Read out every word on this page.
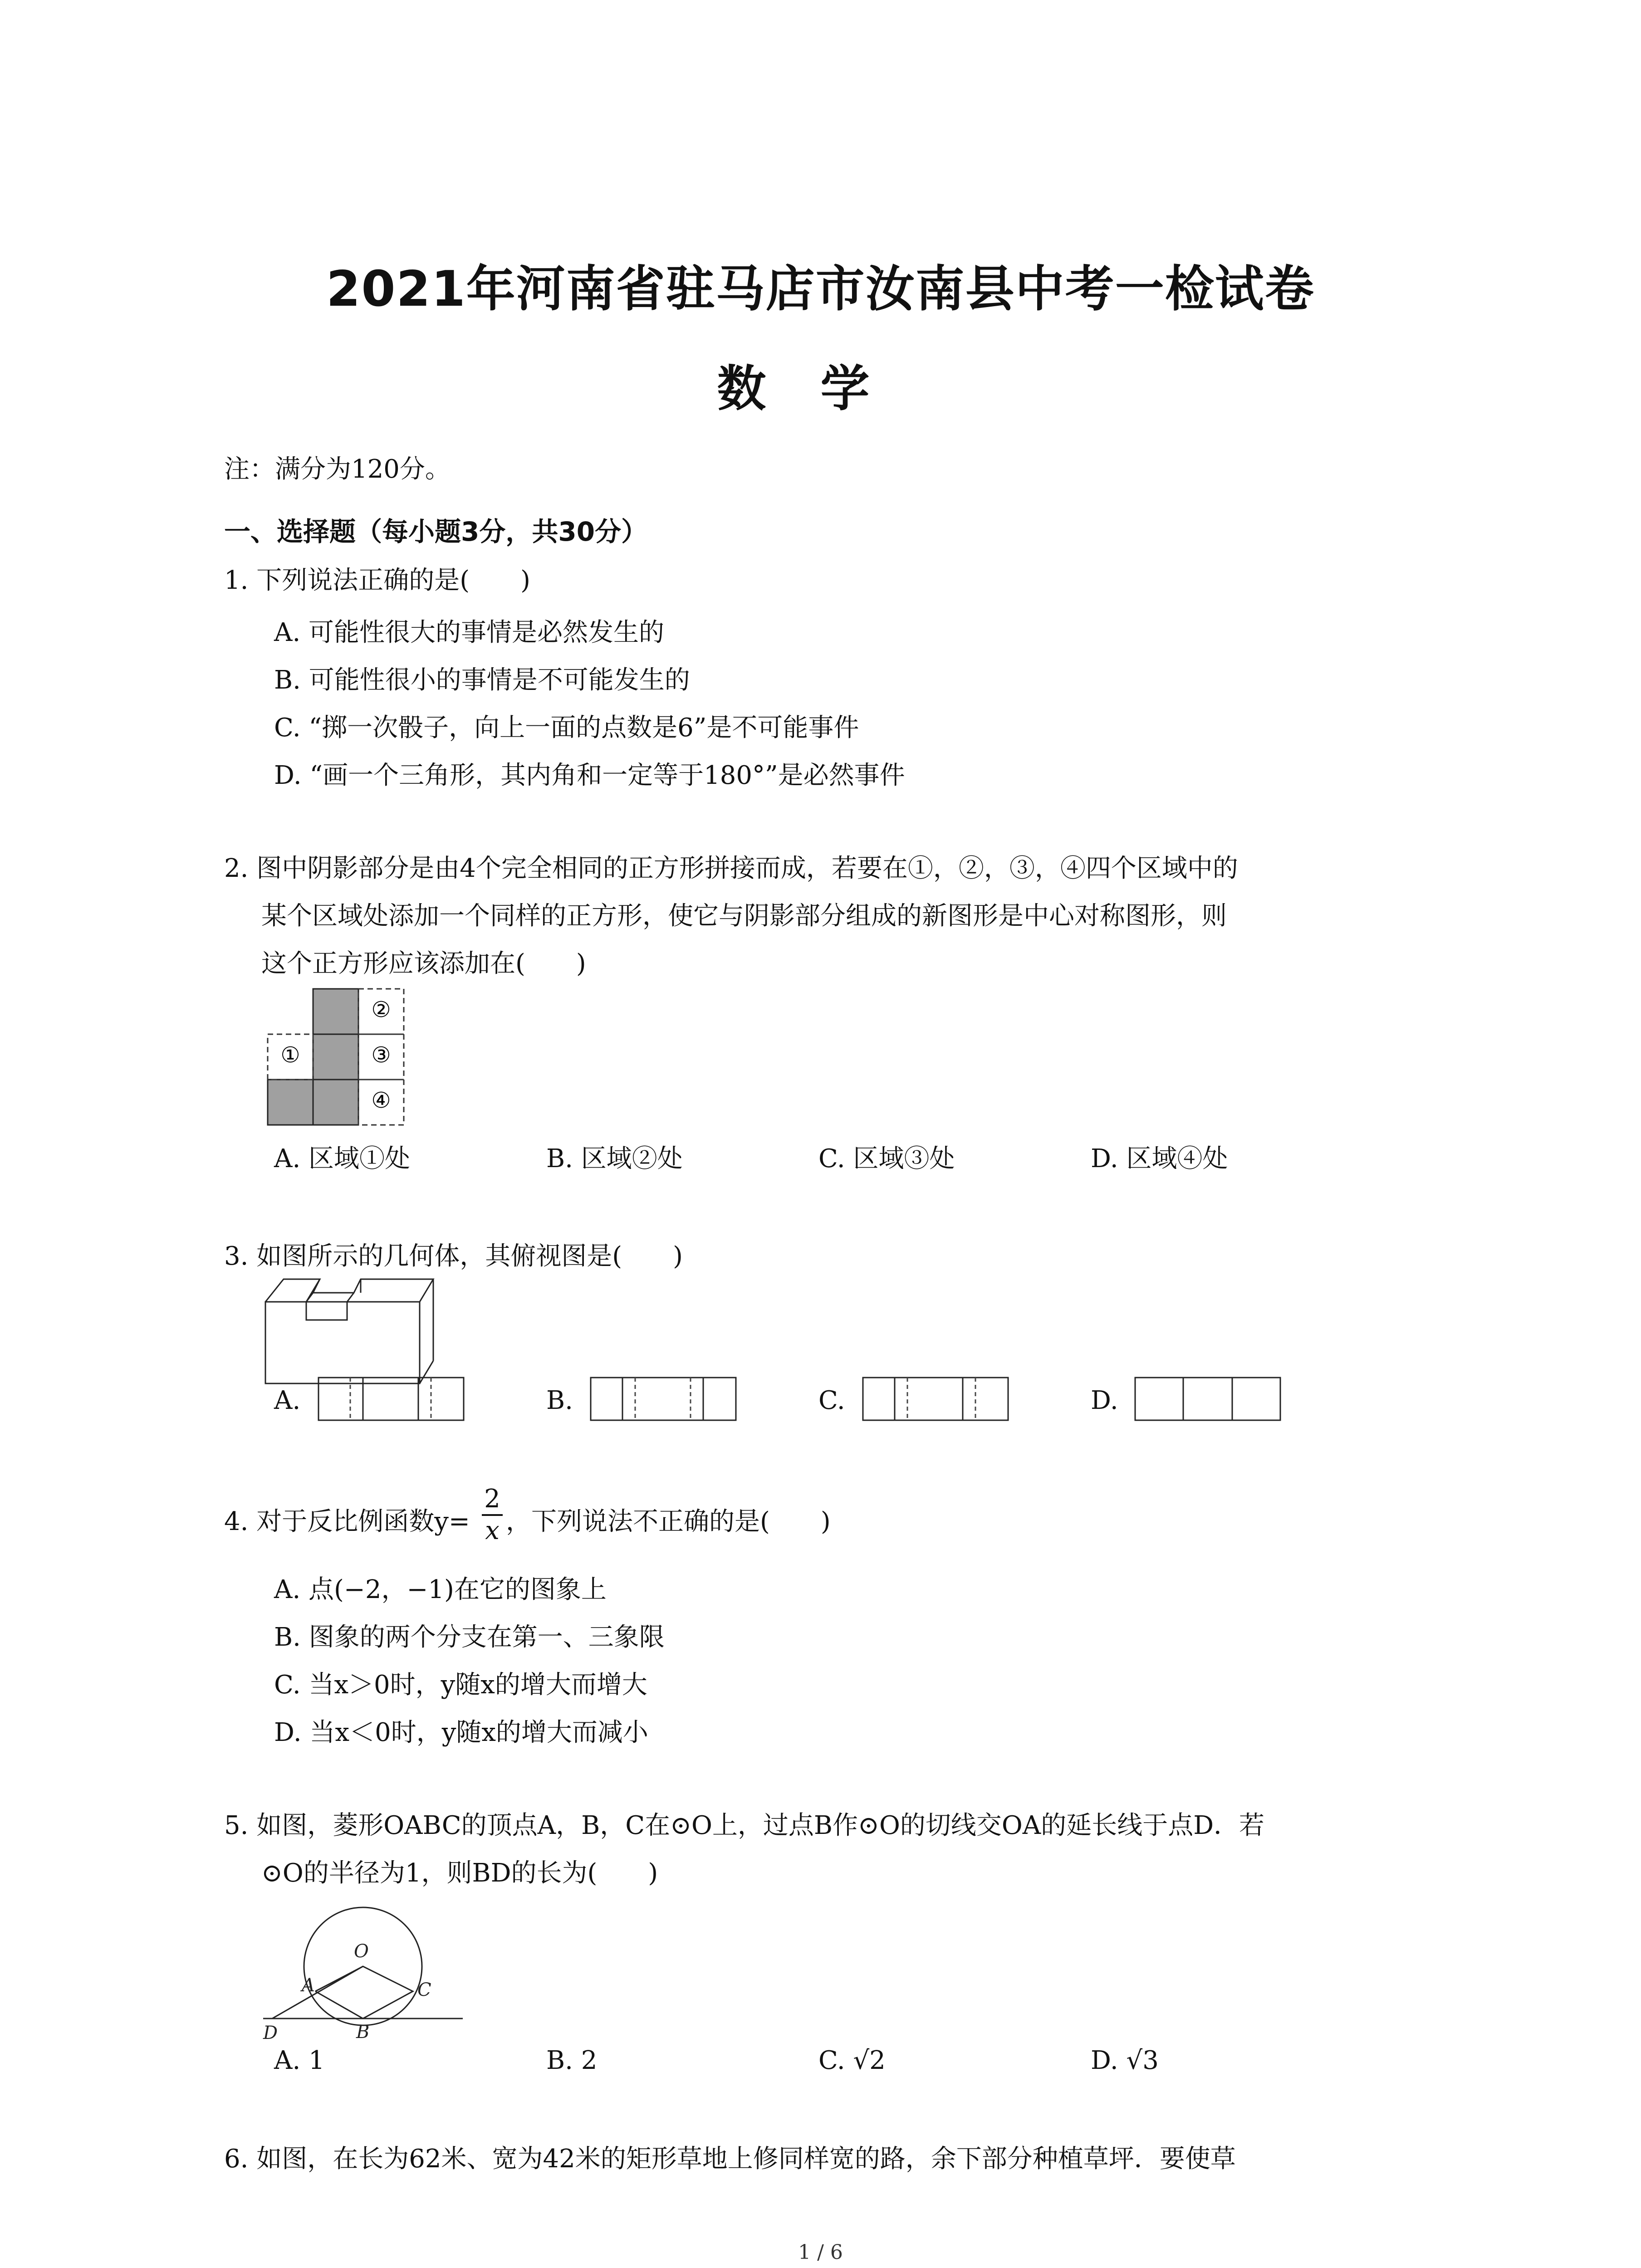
2021年河南省驻马店市汝南县中考一检试卷
数学
注：满分为120分。
一、选择题（每小题3分，共30分）
1. 下列说法正确的是(　　)
A. 可能性很大的事情是必然发生的
B. 可能性很小的事情是不可能发生的
C. “掷一次骰子，向上一面的点数是6”是不可能事件
D. “画一个三角形，其内角和一定等于180°”是必然事件
2. 图中阴影部分是由4个完全相同的正方形拼接而成，若要在①，②，③，④四个区域中的
某个区域处添加一个同样的正方形，使它与阴影部分组成的新图形是中心对称图形，则
这个正方形应该添加在(　　)
①
②
③
④
A. 区域①处	B. 区域②处	C. 区域③处	D. 区域④处
3. 如图所示的几何体，其俯视图是(　　)
A.	B.	C.	D.
4. 对于反比例函数y=
2
x ，下列说法不正确的是(　　)
A. 点(−2，−1)在它的图象上
B. 图象的两个分支在第一、三象限
C. 当x＞0时，y随x的增大而增大
D. 当x＜0时，y随x的增大而减小
5. 如图，菱形OABC的顶点A，B，C在⊙O上，过点B作⊙O的切线交OA的延长线于点D．若
⊙O的半径为1，则BD的长为(　　)
O
A	C
D	B
A. 1	B. 2	C. √2	D. √3
6. 如图，在长为62米、宽为42米的矩形草地上修同样宽的路，余下部分种植草坪．要使草
1 / 6
